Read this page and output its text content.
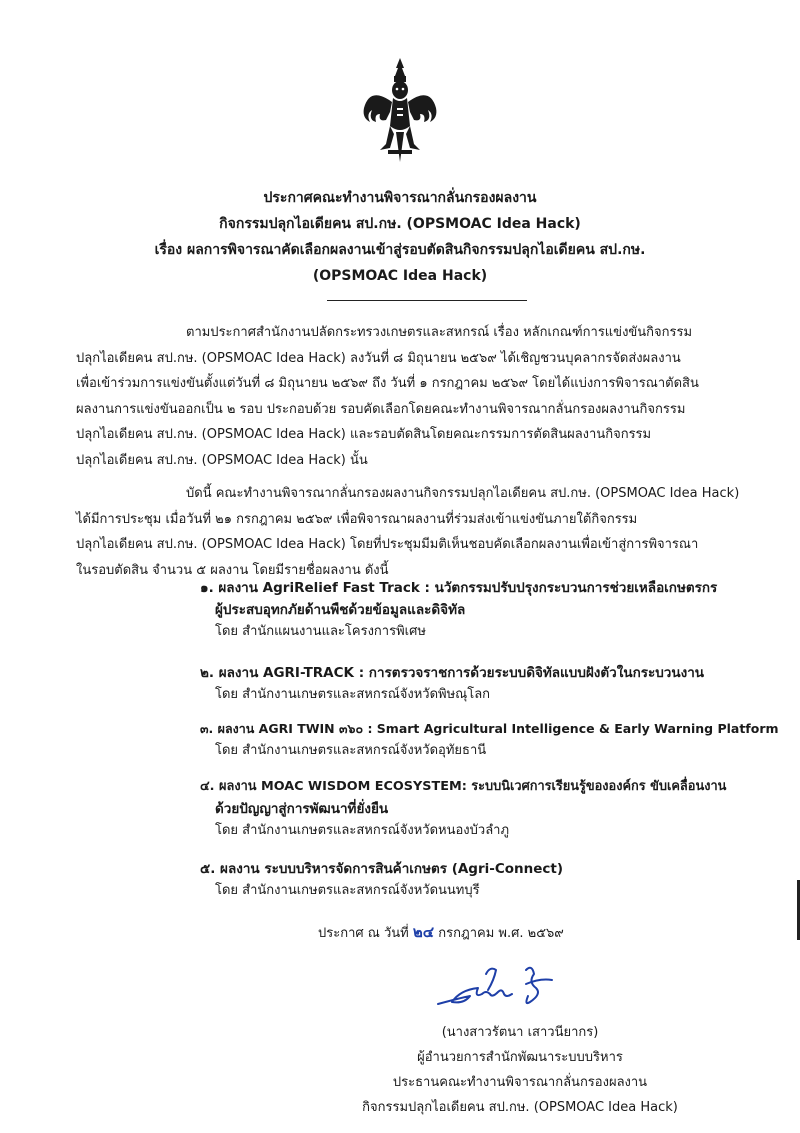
ประกาศคณะทำงานพิจารณากลั่นกรองผลงาน
กิจกรรมปลุกไอเดียคน สป.กษ. (OPSMOAC Idea Hack)
เรื่อง ผลการพิจารณาคัดเลือกผลงานเข้าสู่รอบตัดสินกิจกรรมปลุกไอเดียคน สป.กษ.
(OPSMOAC Idea Hack)
ตามประกาศสำนักงานปลัดกระทรวงเกษตรและสหกรณ์ เรื่อง หลักเกณฑ์การแข่งขันกิจกรรม
ปลุกไอเดียคน สป.กษ. (OPSMOAC Idea Hack) ลงวันที่ ๘ มิถุนายน ๒๕๖๙ ได้เชิญชวนบุคลากรจัดส่งผลงาน
เพื่อเข้าร่วมการแข่งขันตั้งแต่วันที่ ๘ มิถุนายน ๒๕๖๙ ถึง วันที่ ๑ กรกฎาคม ๒๕๖๙ โดยได้แบ่งการพิจารณาตัดสิน
ผลงานการแข่งขันออกเป็น ๒ รอบ ประกอบด้วย รอบคัดเลือกโดยคณะทำงานพิจารณากลั่นกรองผลงานกิจกรรม
ปลุกไอเดียคน สป.กษ. (OPSMOAC Idea Hack) และรอบตัดสินโดยคณะกรรมการตัดสินผลงานกิจกรรม
ปลุกไอเดียคน สป.กษ. (OPSMOAC Idea Hack) นั้น
บัดนี้ คณะทำงานพิจารณากลั่นกรองผลงานกิจกรรมปลุกไอเดียคน สป.กษ. (OPSMOAC Idea Hack)
ได้มีการประชุม เมื่อวันที่ ๒๑ กรกฎาคม ๒๕๖๙ เพื่อพิจารณาผลงานที่ร่วมส่งเข้าแข่งขันภายใต้กิจกรรม
ปลุกไอเดียคน สป.กษ. (OPSMOAC Idea Hack) โดยที่ประชุมมีมติเห็นชอบคัดเลือกผลงานเพื่อเข้าสู่การพิจารณา
ในรอบตัดสิน จำนวน ๕ ผลงาน โดยมีรายชื่อผลงาน ดังนี้
๑. ผลงาน AgriRelief Fast Track : นวัตกรรมปรับปรุงกระบวนการช่วยเหลือเกษตรกร
ผู้ประสบอุทกภัยด้านพืชด้วยข้อมูลและดิจิทัล
โดย สำนักแผนงานและโครงการพิเศษ
๒. ผลงาน AGRI-TRACK : การตรวจราชการด้วยระบบดิจิทัลแบบฝังตัวในกระบวนงาน
โดย สำนักงานเกษตรและสหกรณ์จังหวัดพิษณุโลก
๓. ผลงาน AGRI TWIN ๓๖๐ : Smart Agricultural Intelligence & Early Warning Platform
โดย สำนักงานเกษตรและสหกรณ์จังหวัดอุทัยธานี
๔. ผลงาน MOAC WISDOM ECOSYSTEM: ระบบนิเวศการเรียนรู้ขององค์กร ขับเคลื่อนงาน
ด้วยปัญญาสู่การพัฒนาที่ยั่งยืน
โดย สำนักงานเกษตรและสหกรณ์จังหวัดหนองบัวลำภู
๕. ผลงาน ระบบบริหารจัดการสินค้าเกษตร (Agri-Connect)
โดย สำนักงานเกษตรและสหกรณ์จังหวัดนนทบุรี
ประกาศ ณ วันที่ ๒๔ กรกฎาคม พ.ศ. ๒๕๖๙
(นางสาวรัตนา เสาวนียากร)
ผู้อำนวยการสำนักพัฒนาระบบบริหาร
ประธานคณะทำงานพิจารณากลั่นกรองผลงาน
กิจกรรมปลุกไอเดียคน สป.กษ. (OPSMOAC Idea Hack)
